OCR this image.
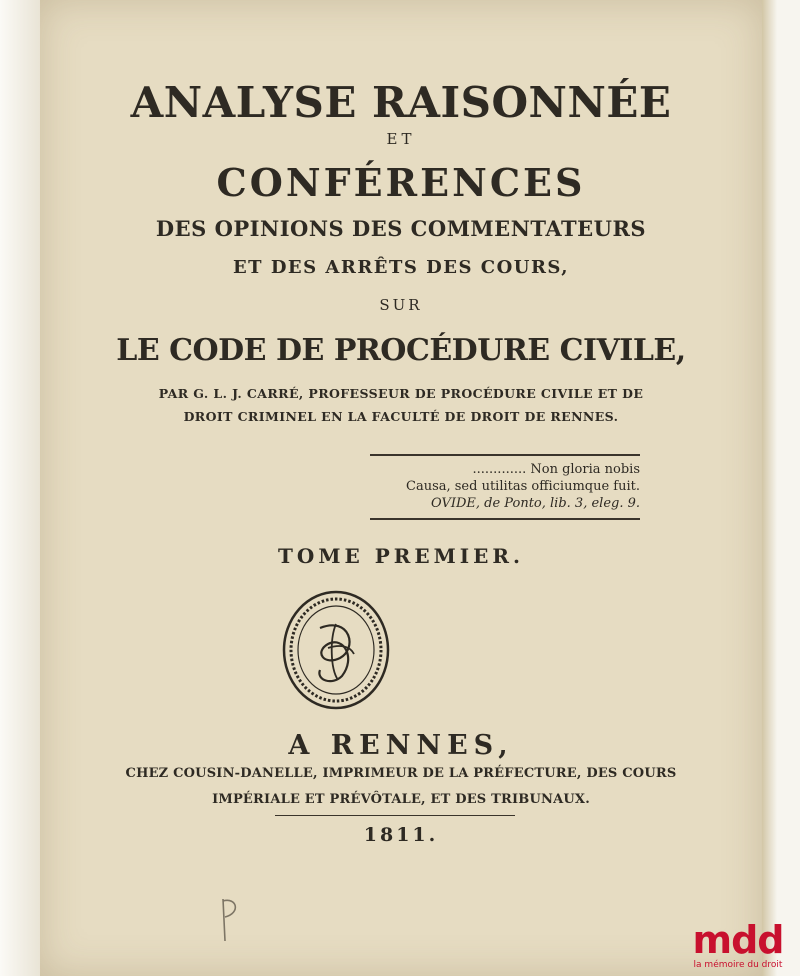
ANALYSE RAISONNÉE
ET
CONFÉRENCES
DES OPINIONS DES COMMENTATEURS
ET DES ARRÊTS DES COURS,
SUR
LE CODE DE PROCÉDURE CIVILE,
PAR G. L. J. CARRÉ, PROFESSEUR DE PROCÉDURE CIVILE ET DE
DROIT CRIMINEL EN LA FACULTÉ DE DROIT DE RENNES.
............. Non gloria nobis
Causa, sed utilitas officiumque fuit.
OVIDE, de Ponto, lib. 3, eleg. 9.
TOME PREMIER.
A RENNES,
CHEZ COUSIN-DANELLE, IMPRIMEUR DE LA PRÉFECTURE, DES COURS
IMPÉRIALE ET PRÉVÔTALE, ET DES TRIBUNAUX.
1811.
mdd
la mémoire du droit
